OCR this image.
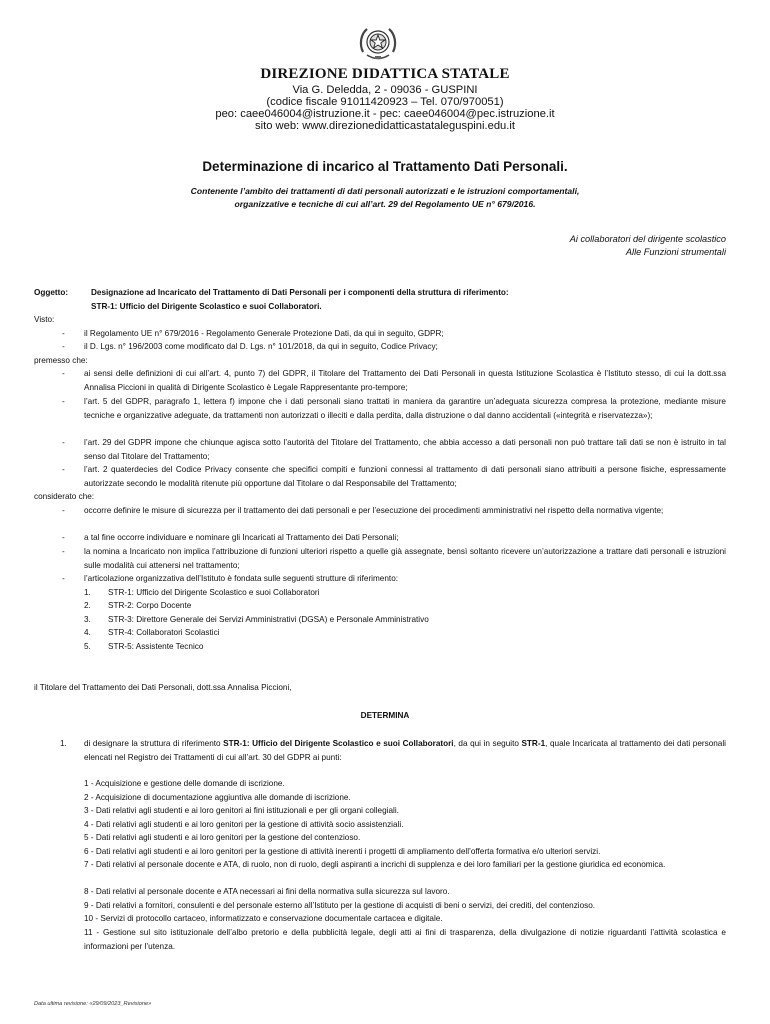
DIREZIONE DIDATTICA STATALE
Via G. Deledda, 2 - 09036 - GUSPINI
(codice fiscale 91011420923 – Tel. 070/970051)
peo: caee046004@istruzione.it - pec: caee046004@pec.istruzione.it
sito web: www.direzionedidatticastataleguspini.edu.it
Determinazione di incarico al Trattamento Dati Personali.
Contenente l’ambito dei trattamenti di dati personali autorizzati e le istruzioni comportamentali,
organizzative e tecniche di cui all’art. 29 del Regolamento UE n° 679/2016.
Ai collaboratori del dirigente scolastico
Alle Funzioni strumentali
Oggetto:	Designazione ad Incaricato del Trattamento di Dati Personali per i componenti della struttura di riferimento:
STR-1: Ufficio del Dirigente Scolastico e suoi Collaboratori.
Visto:
-	il Regolamento UE n° 679/2016 - Regolamento Generale Protezione Dati, da qui in seguito, GDPR;
-	il D. Lgs. n° 196/2003 come modificato dal D. Lgs. n° 101/2018, da qui in seguito, Codice Privacy;
premesso che:
-	ai sensi delle definizioni di cui all’art. 4, punto 7) del GDPR, il Titolare del Trattamento dei Dati Personali in questa Istituzione Scolastica è l’Istituto stesso, di cui la dott.ssa Annalisa Piccioni in qualità di Dirigente Scolastico è Legale Rappresentante pro-tempore;
-	l’art. 5 del GDPR, paragrafo 1, lettera f) impone che i dati personali siano trattati in maniera da garantire un’adeguata sicurezza compresa la protezione, mediante misure tecniche e organizzative adeguate, da trattamenti non autorizzati o illeciti e dalla perdita, dalla distruzione o dal danno accidentali («integrità e riservatezza»);
-	l’art. 29 del GDPR impone che chiunque agisca sotto l’autorità del Titolare del Trattamento, che abbia accesso a dati personali non può trattare tali dati se non è istruito in tal senso dal Titolare del Trattamento;
-	l’art. 2 quaterdecies del Codice Privacy consente che specifici compiti e funzioni connessi al trattamento di dati personali siano attribuiti a persone fisiche, espressamente autorizzate secondo le modalità ritenute più opportune dal Titolare o dal Responsabile del Trattamento;
considerato che:
-	occorre definire le misure di sicurezza per il trattamento dei dati personali e per l’esecuzione dei procedimenti amministrativi nel rispetto della normativa vigente;
-	a tal fine occorre individuare e nominare gli Incaricati al Trattamento dei Dati Personali;
-	la nomina a Incaricato non implica l’attribuzione di funzioni ulteriori rispetto a quelle già assegnate, bensì soltanto ricevere un’autorizzazione a trattare dati personali e istruzioni sulle modalità cui attenersi nel trattamento;
-	l’articolazione organizzativa dell’Istituto è fondata sulle seguenti strutture di riferimento:
1. STR-1: Ufficio del Dirigente Scolastico e suoi Collaboratori
2. STR-2: Corpo Docente
3. STR-3: Direttore Generale dei Servizi Amministrativi (DGSA) e Personale Amministrativo
4. STR-4: Collaboratori Scolastici
5. STR-5: Assistente Tecnico
il Titolare del Trattamento dei Dati Personali, dott.ssa Annalisa Piccioni,
DETERMINA
1. di designare la struttura di riferimento STR-1: Ufficio del Dirigente Scolastico e suoi Collaboratori, da qui in seguito STR-1, quale Incaricata al trattamento dei dati personali elencati nel Registro dei Trattamenti di cui all’art. 30 del GDPR ai punti:
1 - Acquisizione e gestione delle domande di iscrizione.
2 - Acquisizione di documentazione aggiuntiva alle domande di iscrizione.
3 - Dati relativi agli studenti e ai loro genitori ai fini istituzionali e per gli organi collegiali.
4 - Dati relativi agli studenti e ai loro genitori per la gestione di attività socio assistenziali.
5 - Dati relativi agli studenti e ai loro genitori per la gestione del contenzioso.
6 - Dati relativi agli studenti e ai loro genitori per la gestione di attività inerenti i progetti di ampliamento dell’offerta formativa e/o ulteriori servizi.
7 - Dati relativi al personale docente e ATA, di ruolo, non di ruolo, degli aspiranti a incrichi di supplenza e dei loro familiari per la gestione giuridica ed economica.
8 - Dati relativi al personale docente e ATA necessari ai fini della normativa sulla sicurezza sul lavoro.
9 - Dati relativi a fornitori, consulenti e del personale esterno all’Istituto per la gestione di acquisti di beni o servizi, dei crediti, del contenzioso.
10 - Servizi di protocollo cartaceo, informatizzato e conservazione documentale cartacea e digitale.
11 - Gestione sul sito istituzionale dell’albo pretorio e della pubblicità legale, degli atti ai fini di trasparenza, della divulgazione di notizie riguardanti l’attività scolastica e informazioni per l’utenza.
Data ultima revisione: «29/09/2023_Revisione»
